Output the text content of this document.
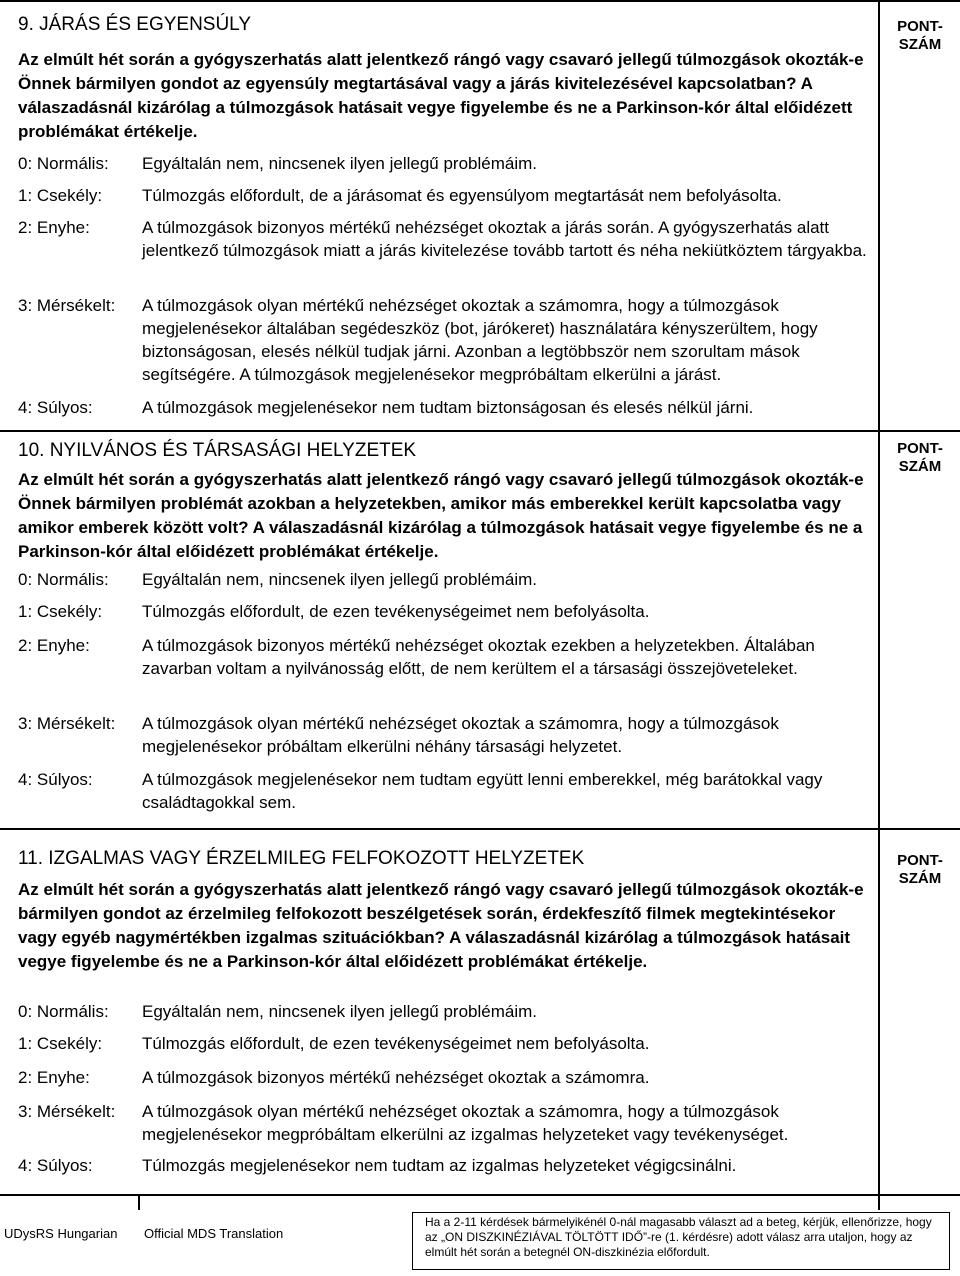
PONT-
SZÁM
9. JÁRÁS ÉS EGYENSÚLY
Az elmúlt hét során a gyógyszerhatás alatt jelentkező rángó vagy csavaró jellegű túlmozgások okozták-e Önnek bármilyen gondot az egyensúly megtartásával vagy a járás kivitelezésével kapcsolatban? A válaszadásnál kizárólag a túlmozgások hatásait vegye figyelembe és ne a Parkinson-kór által előidézett problémákat értékelje.
0: Normális: Egyáltalán nem, nincsenek ilyen jellegű problémáim.
1: Csekély: Túlmozgás előfordult, de a járásomat és egyensúlyom megtartását nem befolyásolta.
2: Enyhe:	A túlmozgások bizonyos mértékű nehézséget okoztak a járás során. A gyógyszerhatás alatt jelentkező túlmozgások miatt a járás kivitelezése tovább tartott és néha nekiütköztem tárgyakba.
3: Mérsékelt: A túlmozgások olyan mértékű nehézséget okoztak a számomra, hogy a túlmozgások megjelenésekor általában segédeszköz (bot, járókeret) használatára kényszerültem, hogy biztonságosan, elesés nélkül tudjak járni. Azonban a legtöbbször nem szorultam mások segítségére. A túlmozgások megjelenésekor megpróbáltam elkerülni a járást.
4: Súlyos:	A túlmozgások megjelenésekor nem tudtam biztonságosan és elesés nélkül járni.
PONT-
SZÁM
10. NYILVÁNOS ÉS TÁRSASÁGI HELYZETEK
Az elmúlt hét során a gyógyszerhatás alatt jelentkező rángó vagy csavaró jellegű túlmozgások okozták-e Önnek bármilyen problémát azokban a helyzetekben, amikor más emberekkel került kapcsolatba vagy amikor emberek között volt? A válaszadásnál kizárólag a túlmozgások hatásait vegye figyelembe és ne a Parkinson-kór által előidézett problémákat értékelje.
0: Normális: Egyáltalán nem, nincsenek ilyen jellegű problémáim.
1: Csekély: Túlmozgás előfordult, de ezen tevékenységeimet nem befolyásolta.
2: Enyhe:	A túlmozgások bizonyos mértékű nehézséget okoztak ezekben a helyzetekben. Általában zavarban voltam a nyilvánosság előtt, de nem kerültem el a társasági összejöveteleket.
3: Mérsékelt: A túlmozgások olyan mértékű nehézséget okoztak a számomra, hogy a túlmozgások megjelenésekor próbáltam elkerülni néhány társasági helyzetet.
4: Súlyos:	A túlmozgások megjelenésekor nem tudtam együtt lenni emberekkel, még barátokkal vagy családtagokkal sem.
PONT-
SZÁM
11. IZGALMAS VAGY ÉRZELMILEG FELFOKOZOTT HELYZETEK
Az elmúlt hét során a gyógyszerhatás alatt jelentkező rángó vagy csavaró jellegű túlmozgások okozták-e bármilyen gondot az érzelmileg felfokozott beszélgetések során, érdekfeszítő filmek megtekintésekor vagy egyéb nagymértékben izgalmas szituációkban? A válaszadásnál kizárólag a túlmozgások hatásait vegye figyelembe és ne a Parkinson-kór által előidézett problémákat értékelje.
0: Normális: Egyáltalán nem, nincsenek ilyen jellegű problémáim.
1: Csekély: Túlmozgás előfordult, de ezen tevékenységeimet nem befolyásolta.
2: Enyhe:	A túlmozgások bizonyos mértékű nehézséget okoztak a számomra.
3: Mérsékelt: A túlmozgások olyan mértékű nehézséget okoztak a számomra, hogy a túlmozgások megjelenésekor megpróbáltam elkerülni az izgalmas helyzeteket vagy tevékenységet.
4: Súlyos:	Túlmozgás megjelenésekor nem tudtam az izgalmas helyzeteket végigcsinálni.
UDysRS Hungarian Official MDS Translation
Ha a 2-11 kérdések bármelyikénél 0-nál magasabb választ ad a beteg, kérjük, ellenőrizze, hogy az „ON DISZKINÉZIÁVAL TÖLTÖTT IDŐ”-re (1. kérdésre) adott válasz arra utaljon, hogy az elmúlt hét során a betegnél ON-diszkinézia előfordult.
